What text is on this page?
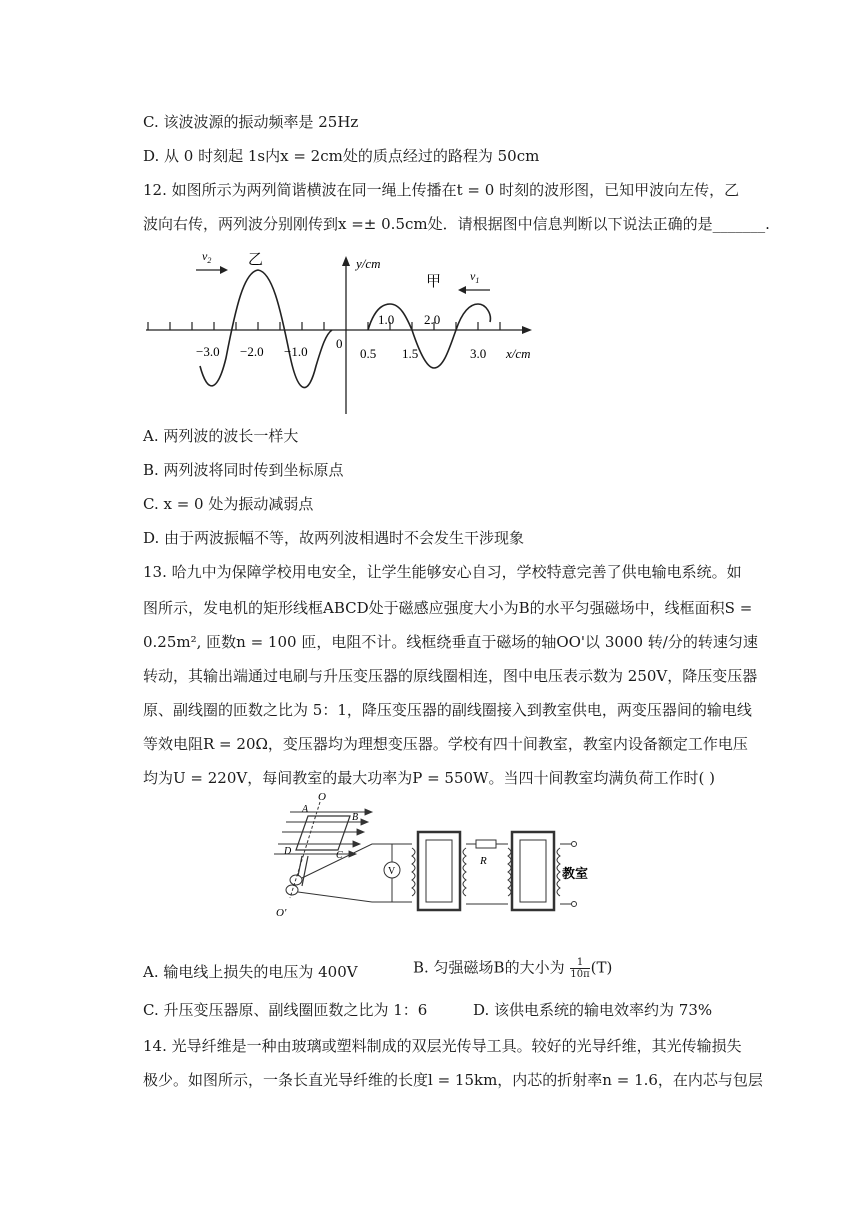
C. 该波波源的振动频率是 25Hz
D. 从 0 时刻起 1s内x = 2cm处的质点经过的路程为 50cm
12. 如图所示为两列简谐横波在同一绳上传播在t = 0 时刻的波形图，已知甲波向左传，乙
波向右传，两列波分别刚传到x =± 0.5cm处．请根据图中信息判断以下说法正确的是_______.
$v_2$
$v_1$
乙
甲
y/cm
x/cm
0
−3.0 −2.0 −1.0	0.5 1.5	3.0
1.0 2.0
A. 两列波的波长一样大
B. 两列波将同时传到坐标原点
C. x = 0 处为振动减弱点
D. 由于两波振幅不等，故两列波相遇时不会发生干涉现象
13. 哈九中为保障学校用电安全，让学生能够安心自习，学校特意完善了供电输电系统。如
图所示，发电机的矩形线框ABCD处于磁感应强度大小为B的水平匀强磁场中，线框面积S =
0.25m², 匝数n = 100 匝，电阻不计。线框绕垂直于磁场的轴OO'以 3000 转/分的转速匀速
转动，其输出端通过电刷与升压变压器的原线圈相连，图中电压表示数为 250V，降压变压器
原、副线圈的匝数之比为 5：1，降压变压器的副线圈接入到教室供电，两变压器间的输电线
等效电阻R = 20Ω，变压器均为理想变压器。学校有四十间教室，教室内设备额定工作电压
均为U = 220V，每间教室的最大功率为P = 550W。当四十间教室均满负荷工作时( )
O
O'
A
B
D	C
V
R
教室
A. 输电线上损失的电压为 400V	B. 匀强磁场B的大小为 $\frac{1}{10\pi} (T)$
C. 升压变压器原、副线圈匝数之比为 1：6	D. 该供电系统的输电效率约为 73%
14. 光导纤维是一种由玻璃或塑料制成的双层光传导工具。较好的光导纤维，其光传输损失
极少。如图所示，一条长直光导纤维的长度l = 15km，内芯的折射率n = 1.6，在内芯与包层
